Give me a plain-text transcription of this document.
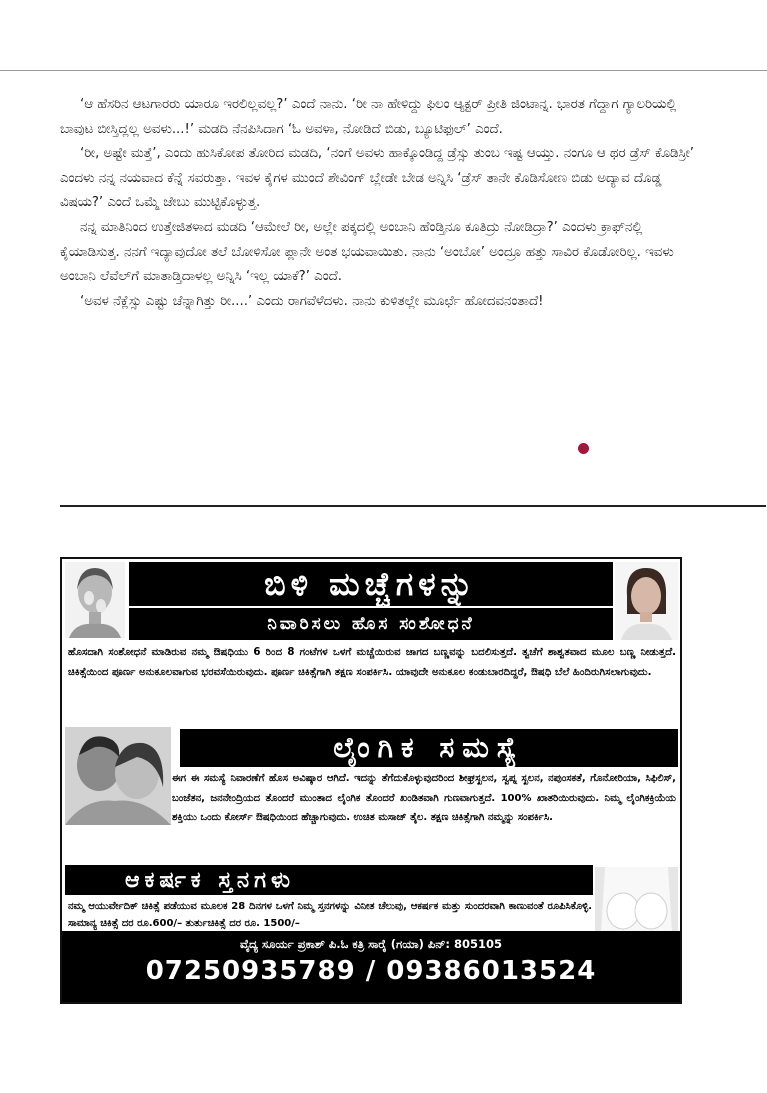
‘ಆ ಹೆಸರಿನ ಆಟಗಾರರು ಯಾರೂ ಇರಲಿಲ್ಲವಲ್ಲ?’ ಎಂದೆ ನಾನು. ‘ರೀ ನಾ ಹೇಳಿದ್ದು ಫಿಲಂ ಆ್ಯಕ್ಟರ್ ಪ್ರೀತಿ ಜಿಂಟಾನ್ನ. ಭಾರತ ಗೆದ್ದಾಗ ಗ್ಯಾಲರಿಯಲ್ಲಿ ಬಾವುಟ ಬೀಸ್ತಿದ್ಲಲ್ಲ ಅವಳು...!’ ಮಡದಿ ನೆನಪಿಸಿದಾಗ ‘ಓ ಅವಳಾ, ನೋಡಿದೆ ಬಿಡು, ಬ್ಯೂಟಿಫುಲ್’ ಎಂದೆ.

‘ರೀ, ಅಷ್ಟೇ ಮತ್ತೆ’, ಎಂದು ಹುಸಿಕೋಪ ತೋರಿದ ಮಡದಿ, ‘ನಂಗೆ ಅವಳು ಹಾಕ್ಕೊಂಡಿದ್ದ ಡ್ರೆಸ್ಸು ತುಂಬ ಇಷ್ಟ ಆಯ್ತು. ನಂಗೂ ಆ ಥರ ಡ್ರೆಸ್ ಕೊಡಿಸ್ರೀ’ ಎಂದಳು ನನ್ನ ನಯವಾದ ಕೆನ್ನೆ ಸವರುತ್ತಾ. ಇವಳ ಕೈಗಳ ಮುಂದೆ ಶೇವಿಂಗ್ ಬ್ಲೇಡೇ ಬೇಡ ಅನ್ನಿಸಿ ‘ಡ್ರೆಸ್ ತಾನೇ ಕೊಡಿಸೋಣ ಬಿಡು ಅದ್ಯಾವ ದೊಡ್ಡ ವಿಷಯ?’ ಎಂದೆ ಒಮ್ಮೆ ಜೇಬು ಮುಟ್ಟಿಕೊಳ್ಳುತ್ತ.

ನನ್ನ ಮಾತಿನಿಂದ ಉತ್ತೇಜಿತಳಾದ ಮಡದಿ ‘ಆಮೇಲೆ ರೀ, ಅಲ್ಲೇ ಪಕ್ಕದಲ್ಲಿ ಅಂಬಾನಿ ಹೆಂಡ್ತಿನೂ ಕೂತಿದ್ರು ನೋಡಿದ್ರಾ?’ ಎಂದಳು ಕ್ರಾಫ್‌ನಲ್ಲಿ ಕೈಯಾಡಿಸುತ್ತ. ನನಗೆ ಇದ್ಯಾವುದೋ ತಲೆ ಬೋಳಿಸೋ ಪ್ಲಾನೇ ಅಂತ ಭಯವಾಯಿತು. ನಾನು ‘ಅಂಬೋ’ ಅಂದ್ರೂ ಹತ್ತು ಸಾವಿರ ಕೊಡೋರಿಲ್ಲ. ಇವಳು ಅಂಬಾನಿ ಲೆವೆಲ್‌ಗೆ ಮಾತಾಡ್ತಿದಾಳಲ್ಲ ಅನ್ನಿಸಿ ‘ಇಲ್ಲ ಯಾಕೆ?’ ಎಂದೆ.

‘ಅವಳ ನೆಕ್ಲೆಸ್ಸು ಎಷ್ಟು ಚೆನ್ನಾಗಿತ್ತು ರೀ....’ ಎಂದು ರಾಗವೆಳೆದಳು. ನಾನು ಕುಳಿತಲ್ಲೇ ಮೂರ್ಛೆ ಹೋದವನಂತಾದೆ!

ಬಿಳಿ ಮಚ್ಚೆಗಳನ್ನು
ನಿವಾರಿಸಲು ಹೊಸ ಸಂಶೋಧನೆ
ಹೊಸದಾಗಿ ಸಂಶೋಧನೆ ಮಾಡಿರುವ ನಮ್ಮ ಔಷಧಿಯು 6 ರಿಂದ 8 ಗಂಟೆಗಳ ಒಳಗೆ ಮಚ್ಚೆಯಿರುವ ಜಾಗದ ಬಣ್ಣವನ್ನು ಬದಲಿಸುತ್ತದೆ. ತ್ವಚೆಗೆ ಶಾಶ್ವತವಾದ ಮೂಲ ಬಣ್ಣ ನೀಡುತ್ತದೆ. ಚಿಕಿತ್ಸೆಯಿಂದ ಪೂರ್ಣ ಅನುಕೂಲವಾಗುವ ಭರವಸೆಯಿರುವುದು. ಪೂರ್ಣ ಚಿಕಿತ್ಸೆಗಾಗಿ ತಕ್ಷಣ ಸಂಪರ್ಕಿಸಿ. ಯಾವುದೇ ಅನುಕೂಲ ಕಂಡುಬಾರದಿದ್ದರೆ, ಔಷಧಿ ಬೆಲೆ ಹಿಂದಿರುಗಿಸಲಾಗುವುದು.
ಲೈಂಗಿಕ ಸಮಸ್ಯೆ
ಈಗ ಈ ಸಮಸ್ಯೆ ನಿವಾರಣೆಗೆ ಹೊಸ ಅವಿಷ್ಕಾರ ಆಗಿದೆ. ಇದನ್ನು ತೆಗೆದುಕೊಳ್ಳುವುದರಿಂದ ಶೀಘ್ರಸ್ಖಲನ, ಸ್ವಪ್ನ ಸ್ಖಲನ, ನಪುಂಸಕತೆ, ಗೊನೋರಿಯಾ, ಸಿಫಿಲಿಸ್, ಬಂಜೆತನ, ಜನನೇಂದ್ರಿಯದ ತೊಂದರೆ ಮುಂತಾದ ಲೈಂಗಿಕ ತೊಂದರೆ ಖಂಡಿತವಾಗಿ ಗುಣವಾಗುತ್ತದೆ. 100% ಖಾತರಿಯಿರುವುದು. ನಿಮ್ಮ ಲೈಂಗಿಕಕ್ರಿಯೆಯ ಶಕ್ತಿಯು ಒಂದು ಕೋರ್ಸ್ ಔಷಧಿಯಿಂದ ಹೆಚ್ಚಾಗುವುದು. ಉಚಿತ ಮಸಾಜ್ ತೈಲ. ತಕ್ಷಣ ಚಿಕಿತ್ಸೆಗಾಗಿ ನಮ್ಮನ್ನು ಸಂಪರ್ಕಿಸಿ.
ಆಕರ್ಷಕ ಸ್ತನಗಳು
ನಮ್ಮ ಆಯುರ್ವೇದಿಕ್ ಚಿಕಿತ್ಸೆ ಪಡೆಯುವ ಮೂಲಕ 28 ದಿನಗಳ ಒಳಗೆ ನಿಮ್ಮ ಸ್ತನಗಳನ್ನು ವಿನೀತ ಚೆಲುವು, ಆಕರ್ಷಕ ಮತ್ತು ಸುಂದರವಾಗಿ ಕಾಣುವಂತೆ ರೂಪಿಸಿಕೊಳ್ಳಿ. ಸಾಮಾನ್ಯ ಚಿಕಿತ್ಸೆ ದರ ರೂ.600/– ತುರ್ತುಚಿಕಿತ್ಸೆ ದರ ರೂ. 1500/–
ವೈದ್ಯ ಸೂರ್ಯ ಪ್ರಕಾಶ್ ಪಿ.ಓ ಕತ್ರಿ ಸಾರೈ (ಗಯಾ) ಪಿನ್: 805105
07250935789 / 09386013524
